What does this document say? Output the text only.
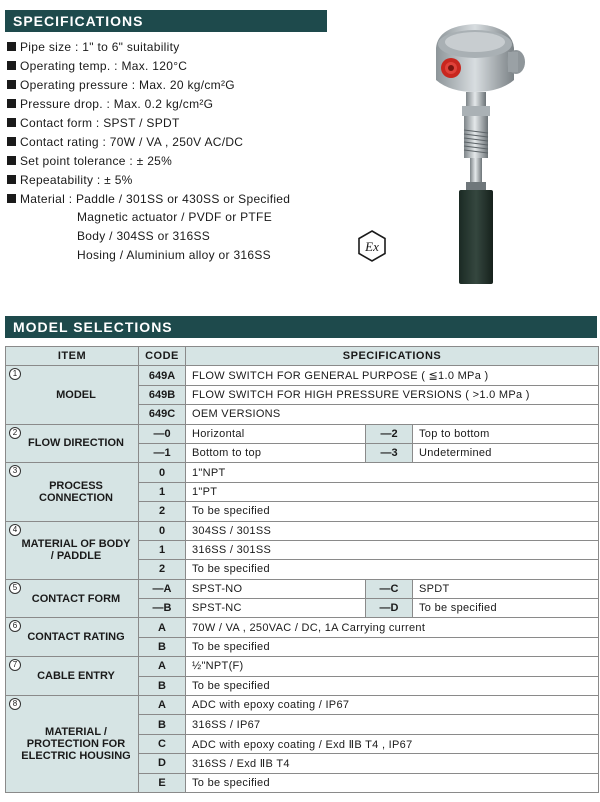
SPECIFICATIONS
Pipe size : 1" to 6" suitability
Operating temp. : Max. 120°C
Operating pressure : Max. 20 kg/cm²G
Pressure drop. : Max. 0.2 kg/cm²G
Contact form : SPST / SPDT
Contact rating : 70W / VA , 250V AC/DC
Set point tolerance : ± 25%
Repeatability : ± 5%
Material : Paddle / 301SS or 430SS or Specified
Magnetic actuator / PVDF or PTFE
Body / 304SS or 316SS
Hosing / Aluminium alloy or 316SS
Ex
MODEL SELECTIONS
ITEM	CODE	SPECIFICATIONS		

1
MODEL	649A	FLOW SWITCH FOR GENERAL PURPOSE ( ≦1.0 MPa )		
	649B	FLOW SWITCH FOR HIGH PRESSURE VERSIONS ( >1.0 MPa )		
	649C	OEM VERSIONS		

2
FLOW DIRECTION	—0	Horizontal	—2	Top to bottom
	—1	Bottom to top	—3	Undetermined

3
PROCESS CONNECTION	0	1"NPT		
	1	1"PT		
	2	To be specified		

4
MATERIAL OF BODY / PADDLE	0	304SS / 301SS		
	1	316SS / 301SS		
	2	To be specified		

5
CONTACT FORM	—A	SPST-NO	—C	SPDT
	—B	SPST-NC	—D	To be specified

6
CONTACT RATING	A	70W / VA , 250VAC / DC, 1A Carrying current		
	B	To be specified		

7
CABLE ENTRY	A	½"NPT(F)		
	B	To be specified		

8
MATERIAL / PROTECTION FOR ELECTRIC HOUSING	A	ADC with epoxy coating / IP67		
	B	316SS / IP67		
	C	ADC with epoxy coating / Exd ⅡB T4 , IP67		
	D	316SS / Exd ⅡB T4		
	E	To be specified		
